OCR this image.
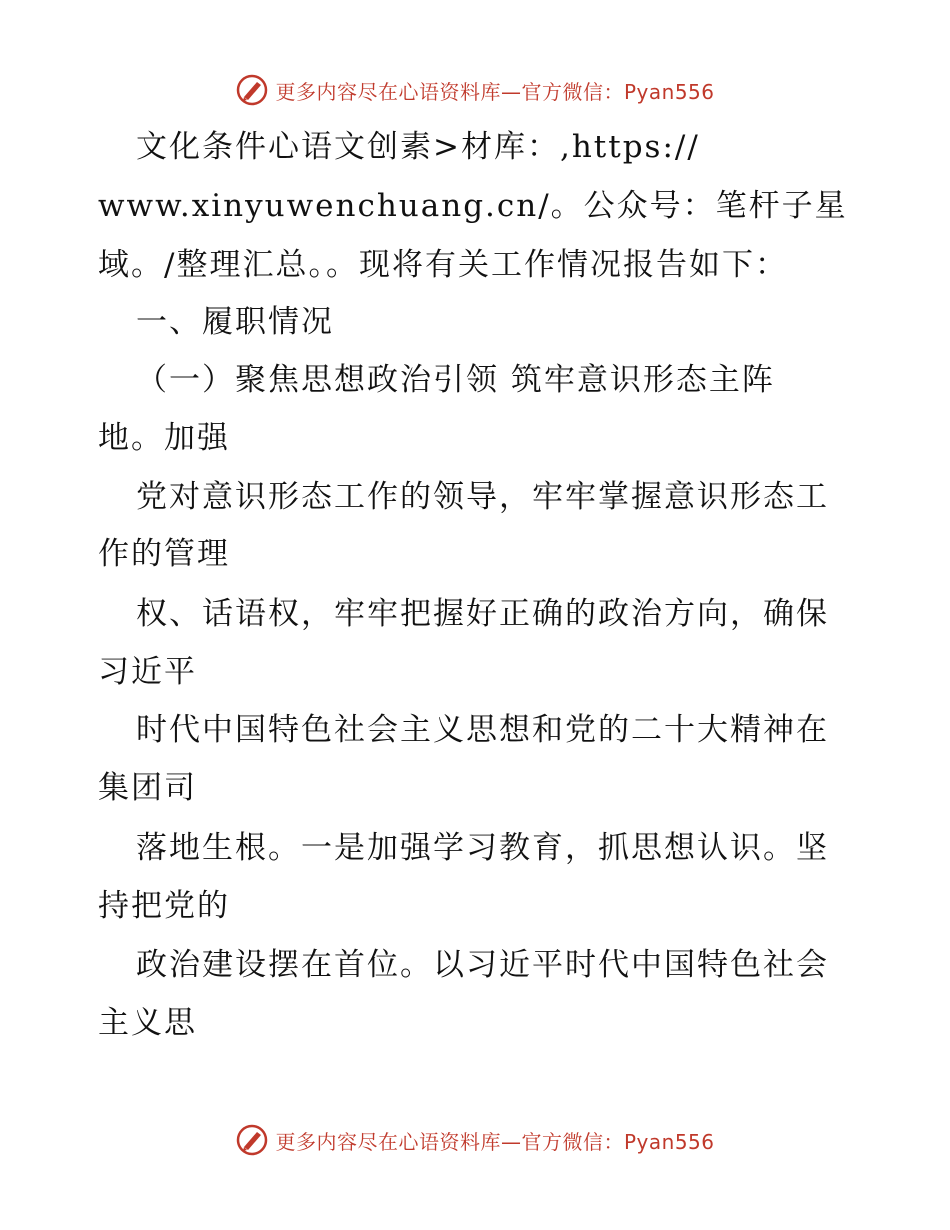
更多内容尽在心语资料库—官方微信：Pyan556
文化条件心语文创素>材库：,https://
www.xinyuwenchuang.cn/。公众号：笔杆子星
域。/整理汇总。。现将有关工作情况报告如下：
一、履职情况
（一）聚焦思想政治引领 筑牢意识形态主阵
地。加强
党对意识形态工作的领导，牢牢掌握意识形态工
作的管理
权、话语权，牢牢把握好正确的政治方向，确保
习近平
时代中国特色社会主义思想和党的二十大精神在
集团司
落地生根。一是加强学习教育，抓思想认识。坚
持把党的
政治建设摆在首位。以习近平时代中国特色社会
主义思
更多内容尽在心语资料库—官方微信：Pyan556
